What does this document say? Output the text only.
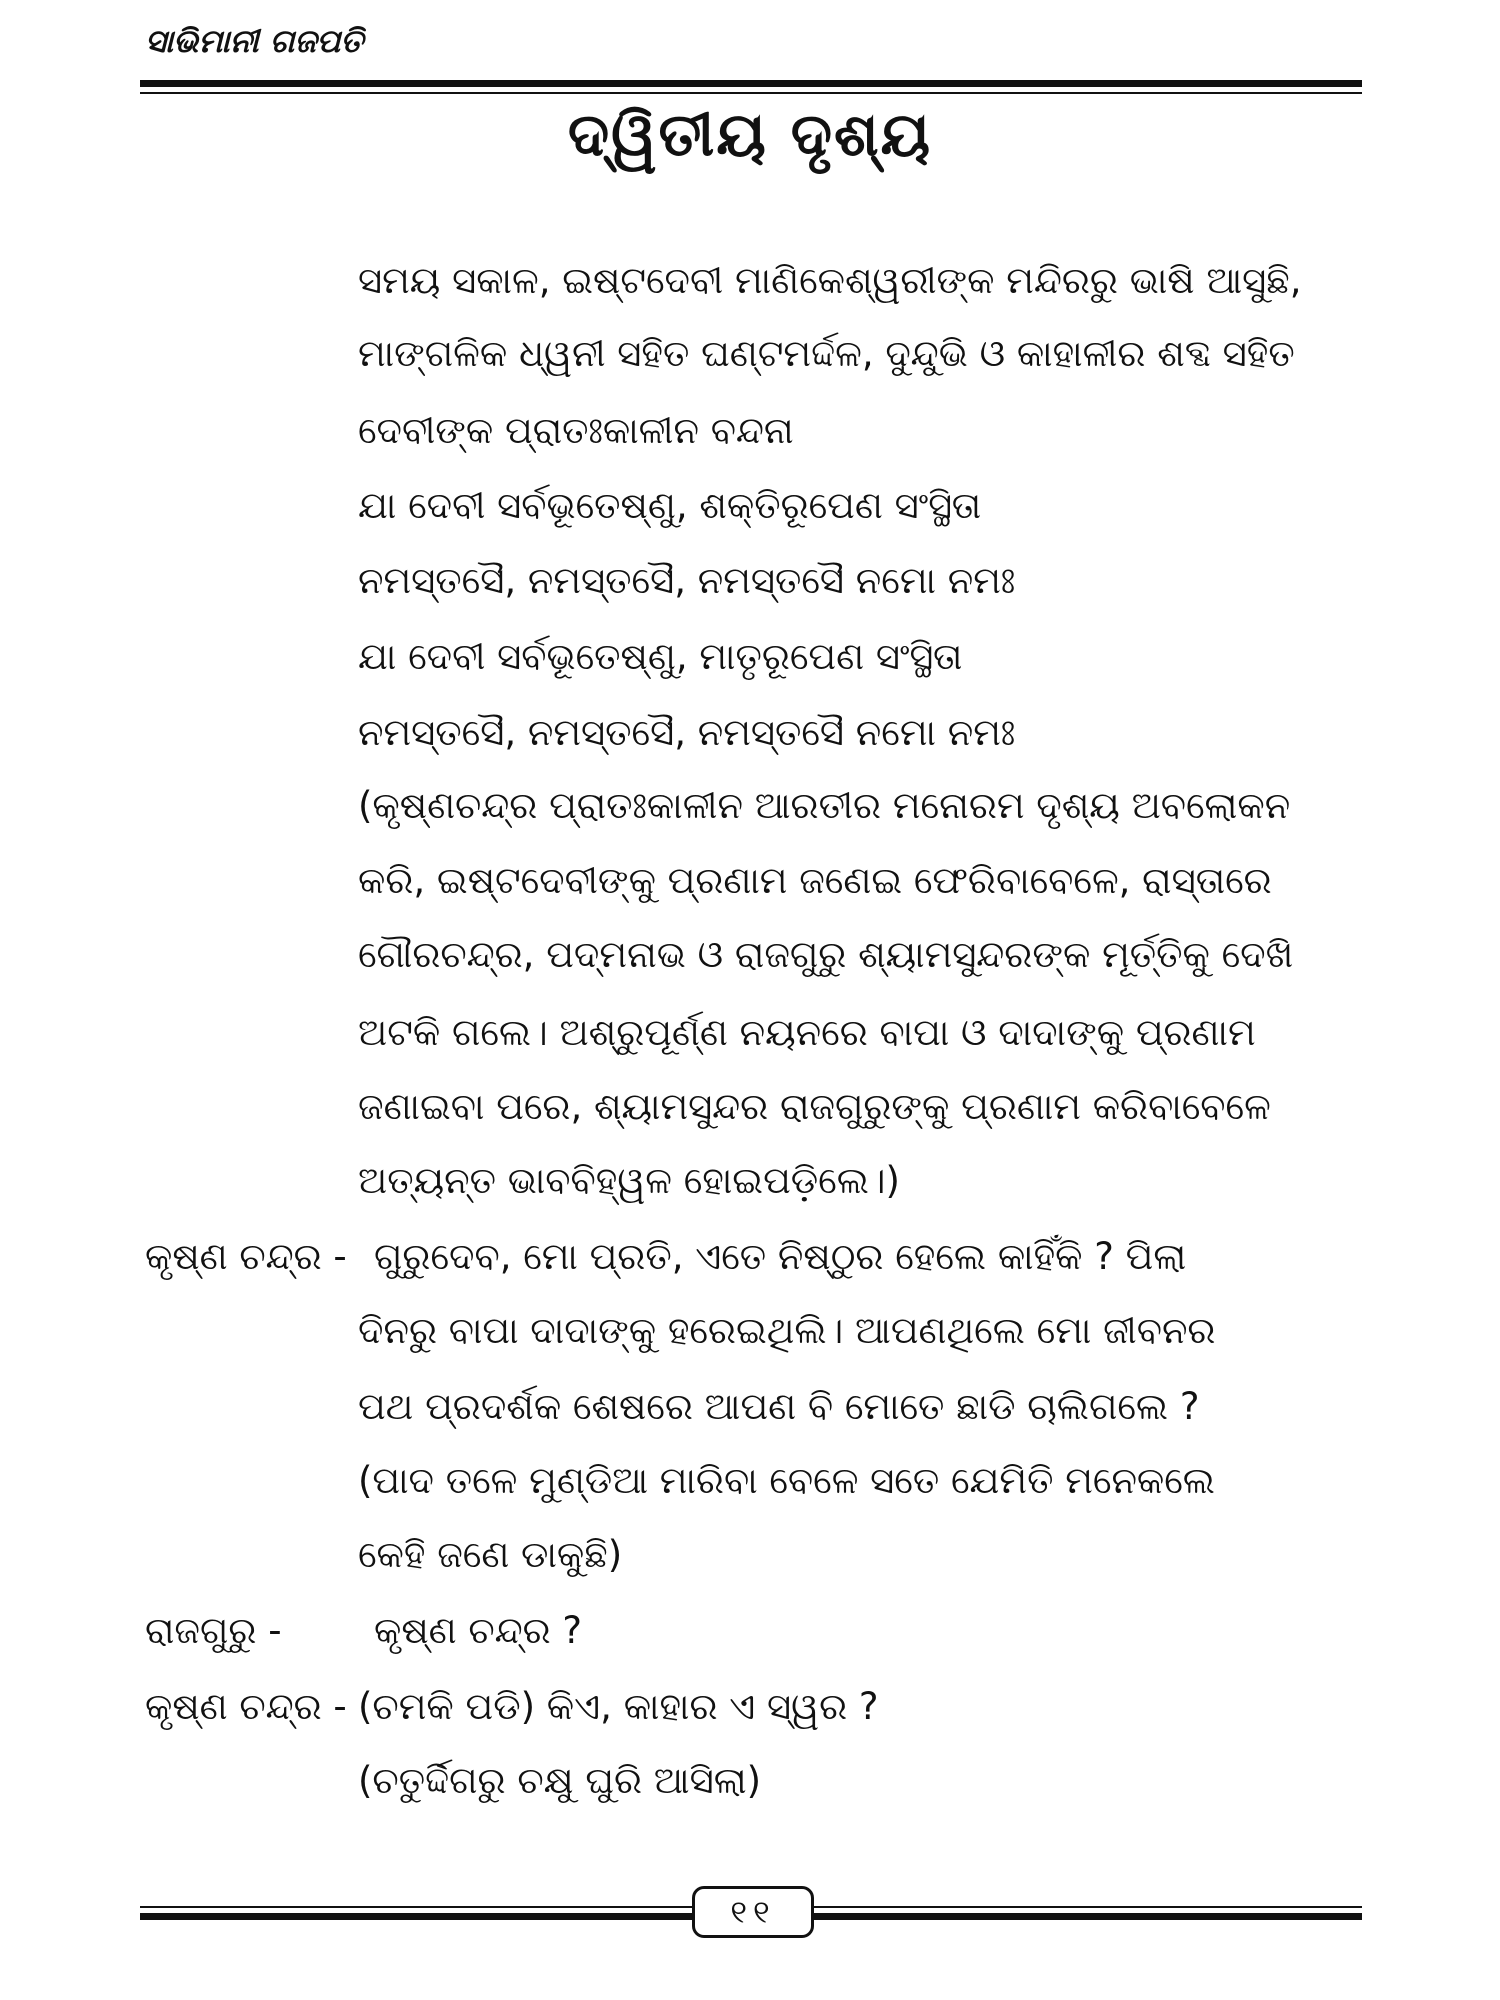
ସାଭିମାନୀ ଗଜପତି
ଦ୍ୱିତୀୟ ଦୃଶ୍ୟ
ସମୟ ସକାଳ, ଇଷ୍ଟଦେବୀ ମାଣିକେଶ୍ୱରୀଙ୍କ ମନ୍ଦିରରୁ ଭାଷି ଆସୁଛି,
ମାଙ୍ଗଳିକ ଧ୍ୱନୀ ସହିତ ଘଣ୍ଟମର୍ଦ୍ଦଳ, ଦୁନ୍ଦୁଭି ଓ କାହାଳୀର ଶବ୍ଦ ସହିତ
ଦେବୀଙ୍କ ପ୍ରାତଃକାଳୀନ ବନ୍ଦନା
ଯା ଦେବୀ ସର୍ବଭୂତେଷ୍ଣୁ, ଶକ୍ତିରୂପେଣ ସଂସ୍ଥିତା
ନମସ୍ତସୈ, ନମସ୍ତସୈ, ନମସ୍ତସୈ ନମୋ ନମଃ
ଯା ଦେବୀ ସର୍ବଭୂତେଷ୍ଣୁ, ମାତୃରୂପେଣ ସଂସ୍ଥିତା
ନମସ୍ତସୈ, ନମସ୍ତସୈ, ନମସ୍ତସୈ ନମୋ ନମଃ
(କୃଷ୍ଣଚନ୍ଦ୍ର ପ୍ରାତଃକାଳୀନ ଆରତୀର ମନୋରମ ଦୃଶ୍ୟ ଅବଲୋକନ
କରି, ଇଷ୍ଟଦେବୀଙ୍କୁ ପ୍ରଣାମ ଜଣେଇ ଫେରିବାବେଳେ, ରାସ୍ତାରେ
ଗୌରଚନ୍ଦ୍ର, ପଦ୍ମନାଭ ଓ ରାଜଗୁରୁ ଶ୍ୟାମସୁନ୍ଦରଙ୍କ ମୂର୍ତ୍ତିକୁ ଦେଖି
ଅଟକି ଗଲେ। ଅଶ୍ରୁପୂର୍ଣ୍ଣ ନୟନରେ ବାପା ଓ ଦାଦାଙ୍କୁ ପ୍ରଣାମ
ଜଣାଇବା ପରେ, ଶ୍ୟାମସୁନ୍ଦର ରାଜଗୁରୁଙ୍କୁ ପ୍ରଣାମ କରିବାବେଳେ
ଅତ୍ୟନ୍ତ ଭାବବିହ୍ୱଳ ହୋଇପଡ଼ିଲେ।)
କୃଷ୍ଣ ଚନ୍ଦ୍ର - ଗୁରୁଦେବ, ମୋ ପ୍ରତି, ଏତେ ନିଷ୍ଠୁର ହେଲେ କାହିଁକି ? ପିଲା
ଦିନରୁ ବାପା ଦାଦାଙ୍କୁ ହରେଇଥିଲି। ଆପଣଥିଲେ ମୋ ଜୀବନର
ପଥ ପ୍ରଦର୍ଶକ ଶେଷରେ ଆପଣ ବି ମୋତେ ଛାଡି ଚାଲିଗଲେ ?
(ପାଦ ତଳେ ମୁଣ୍ଡିଆ ମାରିବା ବେଳେ ସତେ ଯେମିତି ମନେକଲେ
କେହି ଜଣେ ଡାକୁଛି)
ରାଜଗୁରୁ - କୃଷ୍ଣ ଚନ୍ଦ୍ର ?
କୃଷ୍ଣ ଚନ୍ଦ୍ର - (ଚମକି ପଡି) କିଏ, କାହାର ଏ ସ୍ୱର ?
(ଚତୁର୍ଦ୍ଦିଗରୁ ଚକ୍ଷୁ ଘୁରି ଆସିଲା)
୧୧
